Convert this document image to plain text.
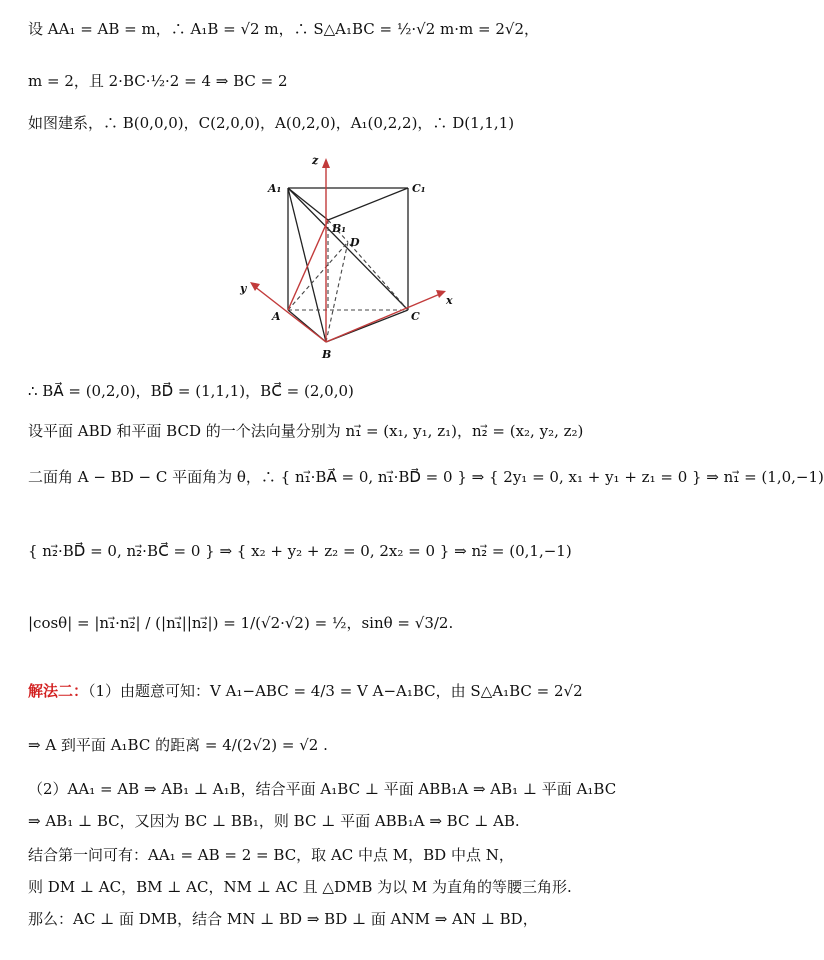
设 AA₁ = AB = m，∴ A₁B = √2 m，∴ S△A₁BC = ½·√2 m·m = 2√2，
m = 2，且 2·BC·½·2 = 4 ⇒ BC = 2
如图建系，∴ B(0,0,0)，C(2,0,0)，A(0,2,0)，A₁(0,2,2)，∴ D(1,1,1)
z
A₁	C₁
B₁
D
y
x
A	C
B
∴ BA⃗ = (0,2,0)，BD⃗ = (1,1,1)，BC⃗ = (2,0,0)
设平面 ABD 和平面 BCD 的一个法向量分别为 n₁⃗ = (x₁, y₁, z₁)，n₂⃗ = (x₂, y₂, z₂)
二面角 A − BD − C 平面角为 θ，∴ { n₁⃗·BA⃗ = 0, n₁⃗·BD⃗ = 0 } ⇒ { 2y₁ = 0, x₁ + y₁ + z₁ = 0 } ⇒ n₁⃗ = (1,0,−1)
{ n₂⃗·BD⃗ = 0, n₂⃗·BC⃗ = 0 } ⇒ { x₂ + y₂ + z₂ = 0, 2x₂ = 0 } ⇒ n₂⃗ = (0,1,−1)
|cosθ| = |n₁⃗·n₂⃗| / (|n₁⃗||n₂⃗|) = 1/(√2·√2) = ½，sinθ = √3/2.
解法二：（1）由题意可知：V A₁−ABC = 4/3 = V A−A₁BC，由 S△A₁BC = 2√2
⇒ A 到平面 A₁BC 的距离 = 4/(2√2) = √2 .
（2）AA₁ = AB ⇒ AB₁ ⊥ A₁B，结合平面 A₁BC ⊥ 平面 ABB₁A ⇒ AB₁ ⊥ 平面 A₁BC
⇒ AB₁ ⊥ BC，又因为 BC ⊥ BB₁，则 BC ⊥ 平面 ABB₁A ⇒ BC ⊥ AB.
结合第一问可有：AA₁ = AB = 2 = BC，取 AC 中点 M，BD 中点 N，
则 DM ⊥ AC，BM ⊥ AC，NM ⊥ AC 且 △DMB 为以 M 为直角的等腰三角形.
那么：AC ⊥ 面 DMB，结合 MN ⊥ BD ⇒ BD ⊥ 面 ANM ⇒ AN ⊥ BD，
